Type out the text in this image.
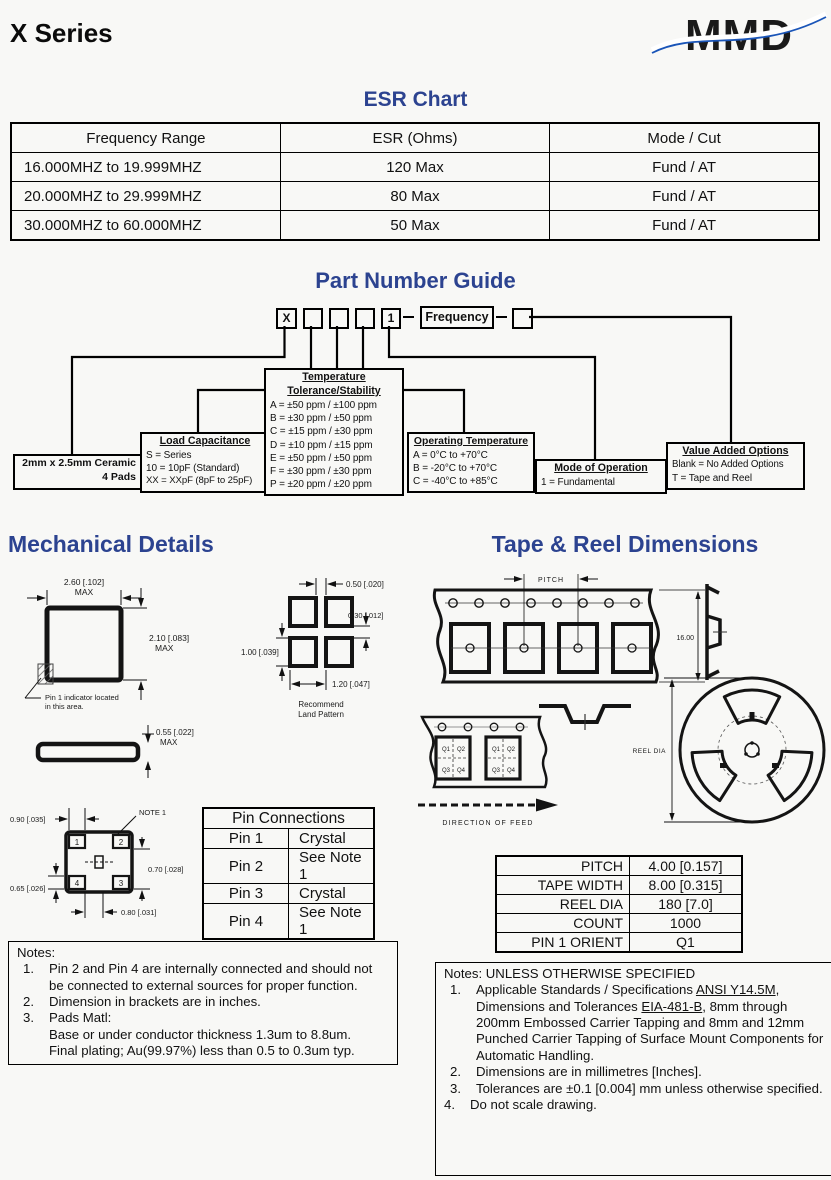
X Series	MMD
ESR Chart
Frequency Range	ESR (Ohms)	Mode / Cut
16.000MHZ to 19.999MHZ	120 Max	Fund / AT
20.000MHZ to 29.999MHZ	80 Max	Fund / AT
30.000MHZ to 60.000MHZ	50 Max	Fund / AT
Part Number Guide
X	1	Frequency
2mm x 2.5mm Ceramic
4 Pads
Load Capacitance
S = Series
10 = 10pF (Standard)
XX = XXpF (8pF to 25pF)
Temperature
Tolerance/Stability
A = ±50 ppm / ±100 ppm
B = ±30 ppm / ±50 ppm
C = ±15 ppm / ±30 ppm
D = ±10 ppm / ±15 ppm
E = ±50 ppm / ±50 ppm
F = ±30 ppm / ±30 ppm
P = ±20 ppm / ±20 ppm
Operating Temperature
A = 0°C to +70°C
B = -20°C to +70°C
C = -40°C to +85°C
Mode of Operation
1 = Fundamental
Value Added Options
Blank = No Added Options
T = Tape and Reel
Mechanical Details	Tape & Reel Dimensions
2.60 [.102]
MAX
2.10 [.083]
MAX
Pin 1 indicator located
in this area.
0.50 [.020]
0.30 [.012]
1.00 [.039]
1.20 [.047]
Recommend
Land Pattern
0.55 [.022]
MAX
1	2
4	3
0.90 [.035]
NOTE 1
0.70 [.028]
0.65 [.026]
0.80 [.031]
Pin Connections	
Pin 1	Crystal
Pin 2	See Note 1
Pin 3	Crystal
Pin 4	See Note 1
Notes:
1.	Pin 2 and Pin 4 are internally connected and should not be connected to external sources for proper function.
2.	Dimension in brackets are in inches.
3.	Pads Matl:
Base or under conductor thickness 1.3um to 8.8um.
Final plating; Au(99.97%) less than 0.5 to 0.3um typ.
PITCH
16.00
Q1 Q2
Q3 Q4
Q1 Q2
Q3 Q4
DIRECTION OF FEED
REEL DIA
PITCH	4.00 [0.157]
TAPE WIDTH	8.00 [0.315]
REEL DIA	180 [7.0]
COUNT	1000
PIN 1 ORIENT	Q1
Notes: UNLESS OTHERWISE SPECIFIED
1.	Applicable Standards / Specifications ANSI Y14.5M, Dimensions and Tolerances EIA-481-B, 8mm through 200mm Embossed Carrier Tapping and 8mm and 12mm Punched Carrier Tapping of Surface Mount Components for Automatic Handling.
2.	Dimensions are in millimetres [Inches].
3.	Tolerances are ±0.1 [0.004] mm unless otherwise specified.
4.	Do not scale drawing.
